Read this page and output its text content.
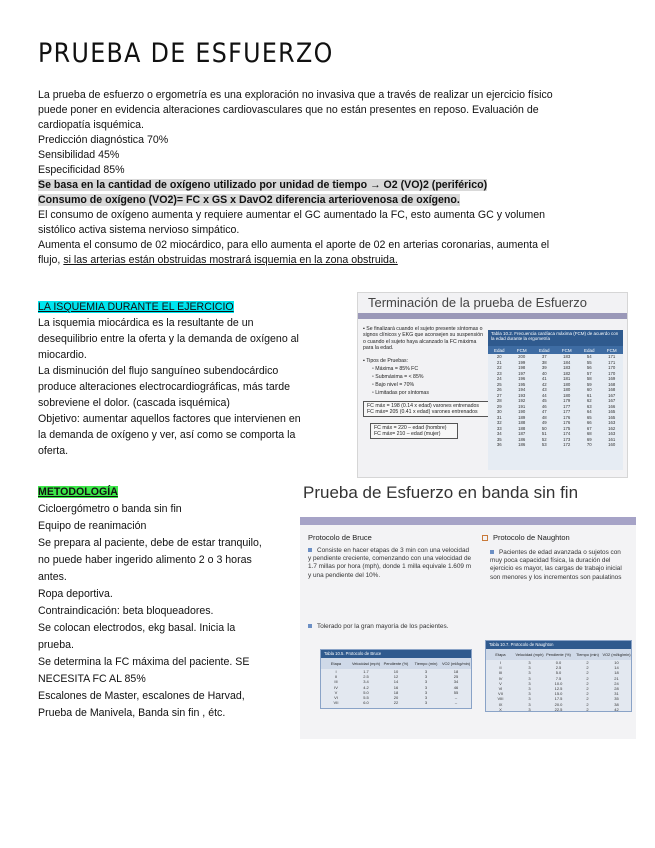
PRUEBA DE ESFUERZO
La prueba de esfuerzo o ergometría es una exploración no invasiva que a través de realizar un ejercicio físico
puede poner en evidencia alteraciones cardiovasculares que no están presentes en reposo. Evaluación de
cardiopatía isquémica.
Predicción diagnóstica 70%
Sensibilidad 45%
Especificidad 85%
Se basa en la cantidad de oxígeno utilizado por unidad de tiempo → O2 (VO)2 (periférico)
Consumo de oxígeno (VO2)= FC x GS x DavO2 diferencia arteriovenosa de oxígeno.
El consumo de oxígeno aumenta y requiere aumentar el GC aumentado la FC, esto aumenta GC y volumen
sistólico activa sistema nervioso simpático.
Aumenta el consumo de 02 miocárdico, para ello aumenta el aporte de 02 en arterias coronarias, aumenta el
flujo, si las arterias están obstruidas mostrará isquemia en la zona obstruida.
LA ISQUEMIA DURANTE EL EJERCICIO
La isquemia miocárdica es la resultante de un
desequilibrio entre la oferta y la demanda de oxígeno al
miocardio.
La disminución del flujo sanguíneo subendocárdico
produce alteraciones electrocardiográficas, más tarde
sobreviene el dolor. (cascada isquémica)
Objetivo: aumentar aquellos factores que intervienen en
la demanda de oxígeno y ver, así como se comporta la
oferta.
METODOLOGÍA
Cicloergómetro o banda sin fin
Equipo de reanimación
Se prepara al paciente, debe de estar tranquilo,
no puede haber ingerido alimento 2 o 3 horas
antes.
Ropa deportiva.
Contraindicación: beta bloqueadores.
Se colocan electrodos, ekg basal. Inicia la
prueba.
Se determina la FC máxima del paciente. SE
NECESITA FC AL 85%
Escalones de Master, escalones de Harvad,
Prueba de Manivela, Banda sin fin , étc.
Terminación de la prueba de Esfuerzo
▪ Se finalizará cuando el sujeto presente síntomas o signos clínicos y EKG que aconsejen su suspensión o cuando el sujeto haya alcanzado la FC máxima para la edad.
▪ Tipos de Pruebas:
▫ Máxima = 85% FC
▫ Submáxima = < 85%
▫ Bajo nivel = 70%
▫ Limitadas por síntomas
FC máx = 198 (0.14 x edad) varones entrenados
FC máx= 205 (0.41 x edad) varones entrenados
FC máx = 220 – edad (hombre)
FC máx= 210 – edad (mujer)
Tabla 10.2. Frecuencia cardíaca máxima (FCM) de acuerdo con la edad durante la ergometría
Edad	FCM	Edad	FCM	Edad	FCM
20	200	37	183	54	171
21	199	38	184	55	171
22	198	39	183	56	170
23	197	40	182	57	170
24	196	41	181	58	169
25	195	42	180	59	168
26	194	43	180	60	168
27	193	44	180	61	167
28	192	45	179	62	167
29	191	46	177	63	166
30	190	47	177	64	165
31	189	48	176	65	165
32	188	49	176	66	163
33	188	50	175	67	162
34	187	51	174	68	163
35	186	52	173	69	161
36	186	53	172	70	160
Prueba de Esfuerzo en banda sin fin
Protocolo de Bruce
Consiste en hacer etapas de 3 min con una velocidad y pendiente creciente, comenzando con una velocidad de 1.7 millas por hora (mph), donde 1 milla equivale 1.609 m y una pendiente del 10%.
Tolerado por la gran mayoría de los pacientes.
Protocolo de Naughton
Pacientes de edad avanzada o sujetos con muy poca capacidad física, la duración del ejercicio es mayor, las cargas de trabajo inicial son menores y los incrementos son paulatinos
Tabla 10.5. Protocolo de Bruce
Etapa	Velocidad (mph) Pendiente (%)	Tiempo (min)	VO2 (ml/kg/min)
I	1.7	10	3	18
II	2.5	12	3	25
III	3.4	14	3	34
IV	4.2	16	3	46
V	5.0	18	3	55
VI	5.5	20	3	–
VII	6.0	22	3	–
Tabla 10.7. Protocolo de Naughton
Etapa	Velocidad (mph) Pendiente (%)	Tiempo (min) VO2 (ml/kg/min)
I	3	0.0	2	10
II	3	2.5	2	14
III	3	5.0	2	18
IV	3	7.5	2	21
V	3	10.0	2	24
VI	3	12.5	2	28
VII	3	15.0	2	31
VIII	3	17.5	2	35
IX	3	20.0	2	38
X	3	22.5	2	42
